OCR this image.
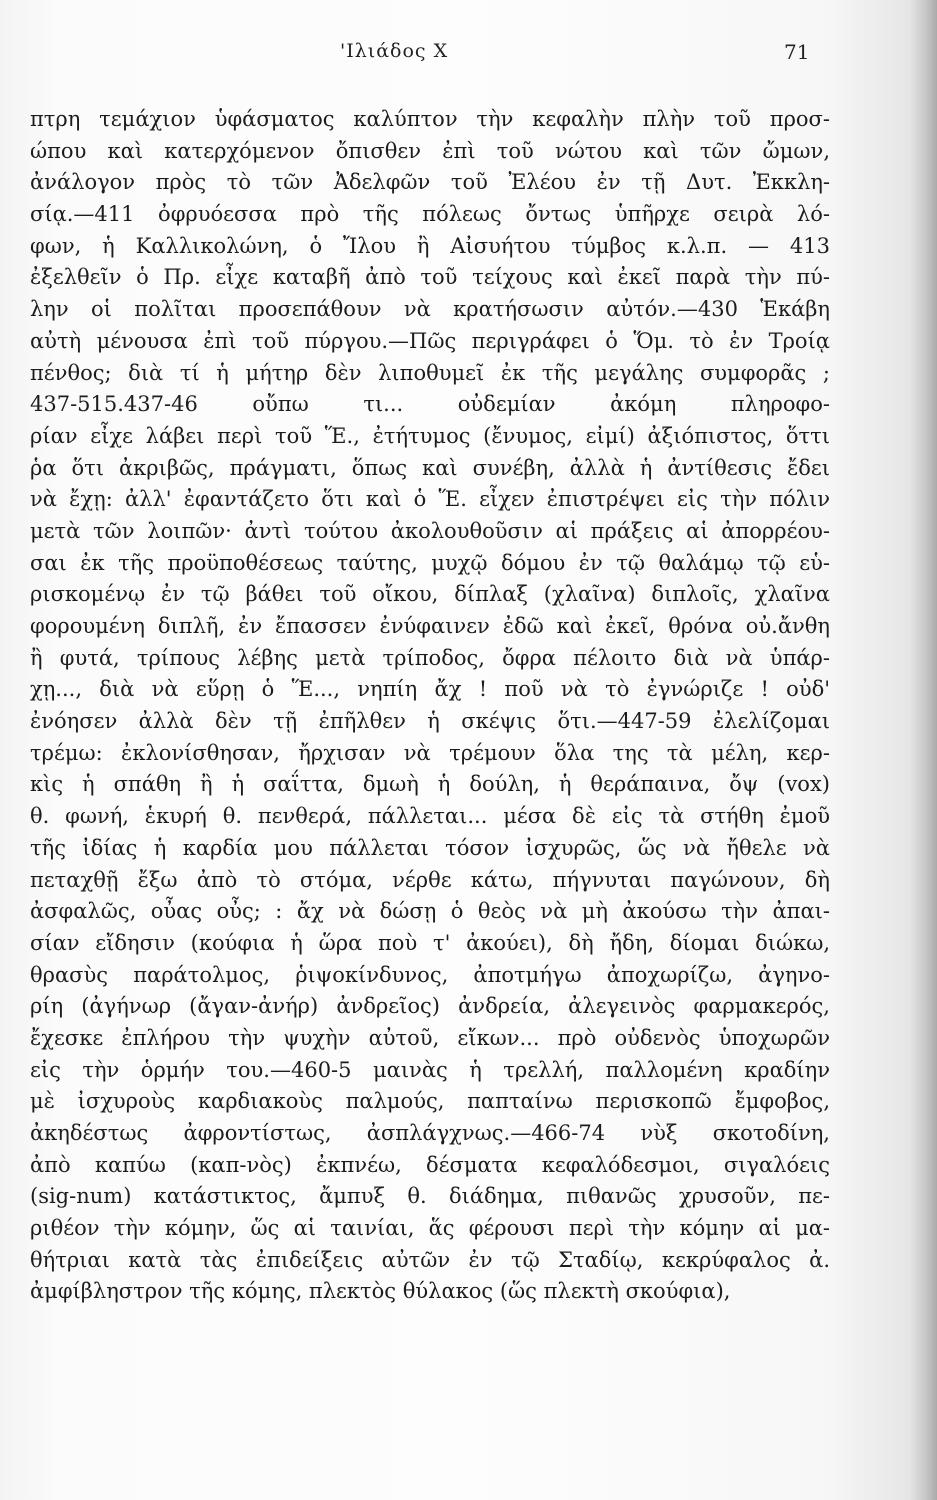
'Ιλιάδος Χ	71
πτρη τεμάχιον ὑφάσματος καλύπτον τὴν κεφαλὴν πλὴν τοῦ προσ-
ώπου καὶ κατερχόμενον ὄπισθεν ἐπὶ τοῦ νώτου καὶ τῶν ὤμων,
ἀνάλογον πρὸς τὸ τῶν Ἀδελφῶν τοῦ Ἐλέου ἐν τῇ Δυτ. Ἐκκλη-
σίᾳ.—411 ὀφρυόεσσα πρὸ τῆς πόλεως ὄντως ὑπῆρχε σειρὰ λό-
φων, ἡ Καλλικολώνη, ὁ Ἴλου ἢ Αἰσυήτου τύμβος κ.λ.π. — 413
ἐξελθεῖν ὁ Πρ. εἶχε καταβῆ ἀπὸ τοῦ τείχους καὶ ἐκεῖ παρὰ τὴν πύ-
λην οἱ πολῖται προσεπάθουν νὰ κρατήσωσιν αὐτόν.—430 Ἑκάβη
αὐτὴ μένουσα ἐπὶ τοῦ πύργου.—Πῶς περιγράφει ὁ Ὅμ. τὸ ἐν Τροίᾳ
πένθος; διὰ τί ἡ μήτηρ δὲν λιποθυμεῖ ἐκ τῆς μεγάλης συμφορᾶς ;
437-515.437-46 οὔπω τι... οὐδεμίαν ἀκόμη πληροφο-
ρίαν εἶχε λάβει περὶ τοῦ Ἕ., ἐτήτυμος (ἔνυμος, εἰμί) ἀξιόπιστος, ὅττι
ῥα ὅτι ἀκριβῶς, πράγματι, ὅπως καὶ συνέβη, ἀλλὰ ἡ ἀντίθεσις ἔδει
νὰ ἔχῃ: ἀλλ' ἐφαντάζετο ὅτι καὶ ὁ Ἕ. εἶχεν ἐπιστρέψει εἰς τὴν πόλιν
μετὰ τῶν λοιπῶν· ἀντὶ τούτου ἀκολουθοῦσιν αἱ πράξεις αἱ ἀπορρέου-
σαι ἐκ τῆς προϋποθέσεως ταύτης, μυχῷ δόμου ἐν τῷ θαλάμῳ τῷ εὑ-
ρισκομένῳ ἐν τῷ βάθει τοῦ οἴκου, δίπλαξ (χλαῖνα) διπλοῖς, χλαῖνα
φορουμένη διπλῆ, ἐν ἔπασσεν ἐνύφαινεν ἐδῶ καὶ ἐκεῖ, θρόνα οὐ.ἄνθη
ἢ φυτά, τρίπους λέβης μετὰ τρίποδος, ὄφρα πέλοιτο διὰ νὰ ὑπάρ-
χῃ..., διὰ νὰ εὕρῃ ὁ Ἕ..., νηπίη ἄχ ! ποῦ νὰ τὸ ἐγνώριζε ! οὐδ'
ἐνόησεν ἀλλὰ δὲν τῇ ἐπῆλθεν ἡ σκέψις ὅτι.—447-59 ἐλελίζομαι
τρέμω: ἐκλονίσθησαν, ἤρχισαν νὰ τρέμουν ὅλα της τὰ μέλη, κερ-
κὶς ἡ σπάθη ἢ ἡ σαΐττα, δμωὴ ἡ δούλη, ἡ θεράπαινα, ὄψ (vox)
θ. φωνή, ἑκυρή θ. πενθερά, πάλλεται... μέσα δὲ εἰς τὰ στήθη ἐμοῦ
τῆς ἰδίας ἡ καρδία μου πάλλεται τόσον ἰσχυρῶς, ὥς νὰ ἤθελε νὰ
πεταχθῇ ἔξω ἀπὸ τὸ στόμα, νέρθε κάτω, πήγνυται παγώνουν, δὴ
ἀσφαλῶς, οὖας οὖς; : ἄχ νὰ δώσῃ ὁ θεὸς νὰ μὴ ἀκούσω τὴν ἀπαι-
σίαν εἴδησιν (κούφια ἡ ὥρα ποὺ τ' ἀκούει), δὴ ἤδη, δίομαι διώκω,
θρασὺς παράτολμος, ῥιψοκίνδυνος, ἀποτμήγω ἀποχωρίζω, ἀγηνο-
ρίη (ἀγήνωρ (ἄγαν-ἀνήρ) ἀνδρεῖος) ἀνδρεία, ἀλεγεινὸς φαρμακερός,
ἔχεσκε ἐπλήρου τὴν ψυχὴν αὐτοῦ, εἴκων... πρὸ οὐδενὸς ὑποχωρῶν
εἰς τὴν ὁρμήν του.—460-5 μαινὰς ἡ τρελλή, παλλομένη κραδίην
μὲ ἰσχυροὺς καρδιακοὺς παλμούς, παπταίνω περισκοπῶ ἔμφοβος,
ἀκηδέστως ἀφροντίστως, ἀσπλάγχνως.—466-74 νὺξ σκοτοδίνη,
ἀπὸ καπύω (καπ-νὸς) ἐκπνέω, δέσματα κεφαλόδεσμοι, σιγαλόεις
(sig-num) κατάστικτος, ἄμπυξ θ. διάδημα, πιθανῶς χρυσοῦν, πε-
ριθέον τὴν κόμην, ὥς αἱ ταινίαι, ἅς φέρουσι περὶ τὴν κόμην αἱ μα-
θήτριαι κατὰ τὰς ἐπιδείξεις αὐτῶν ἐν τῷ Σταδίῳ, κεκρύφαλος ἀ.
ἀμφίβληστρον τῆς κόμης, πλεκτὸς θύλακος (ὥς πλεκτὴ σκούφια),
